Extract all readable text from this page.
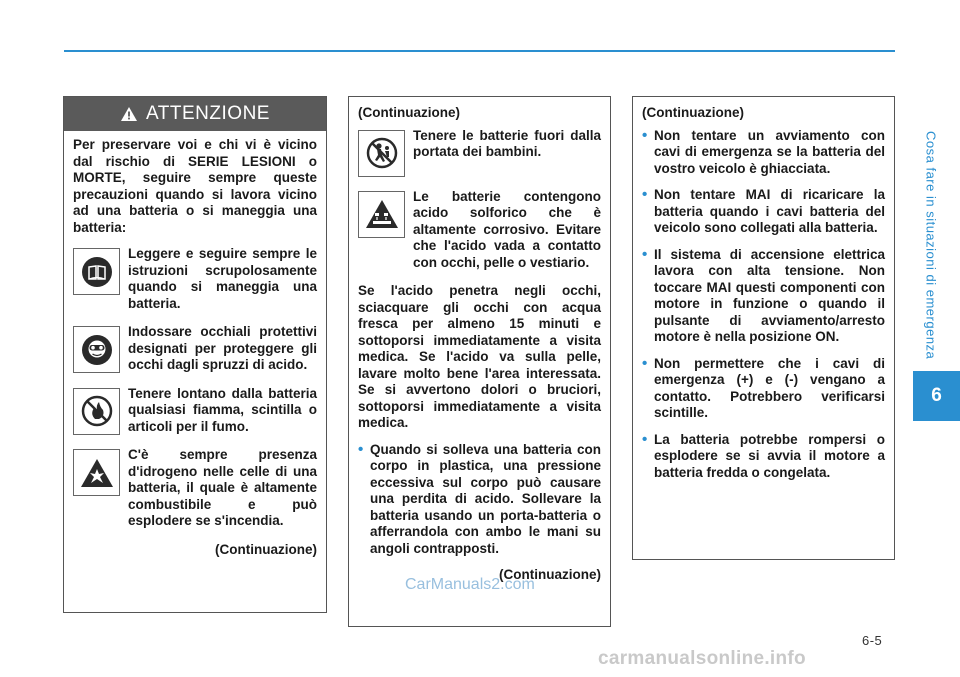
Cosa fare in situazioni di emergenza
6
ATTENZIONE
Per preservare voi e chi vi è vicino dal rischio di SERIE LESIONI o MORTE, seguire sempre queste precauzioni quando si lavora vicino ad una batteria o si maneggia una batteria:
Leggere e seguire sempre le istruzioni scrupolosamente quando si maneggia una batteria.
Indossare occhiali protettivi designati per proteggere gli occhi dagli spruzzi di acido.
Tenere lontano dalla batteria qualsiasi fiamma, scintilla o articoli per il fumo.
C'è sempre presenza d'idrogeno nelle celle di una batteria, il quale è altamente combustibile e può esplodere se s'incendia.
(Continuazione)
(Continuazione)
Tenere le batterie fuori dalla portata dei bambini.
Le batterie contengono acido solforico che è altamente corrosivo. Evitare che l'acido vada a contatto con occhi, pelle o vestiario.
Se l'acido penetra negli occhi, sciacquare gli occhi con acqua fresca per almeno 15 minuti e sottoporsi immediatamente a visita medica. Se l'acido va sulla pelle, lavare molto bene l'area interessata. Se si avvertono dolori o bruciori, sottoporsi immediatamente a visita medica.
• Quando si solleva una batteria con corpo in plastica, una pressione eccessiva sul corpo può causare una perdita di acido. Sollevare la batteria usando un porta-batteria o afferrandola con ambo le mani su angoli contrapposti.
(Continuazione)
(Continuazione)
• Non tentare un avviamento con cavi di emergenza se la batteria del vostro veicolo è ghiacciata.
• Non tentare MAI di ricaricare la batteria quando i cavi batteria del veicolo sono collegati alla batteria.
• Il sistema di accensione elettrica lavora con alta tensione. Non toccare MAI questi componenti con motore in funzione o quando il pulsante di avviamento/arresto motore è nella posizione ON.
• Non permettere che i cavi di emergenza (+) e (-) vengano a contatto. Potrebbero verificarsi scintille.
• La batteria potrebbe rompersi o esplodere se si avvia il motore a batteria fredda o congelata.
CarManuals2.com
6-5
carmanualsonline.info
